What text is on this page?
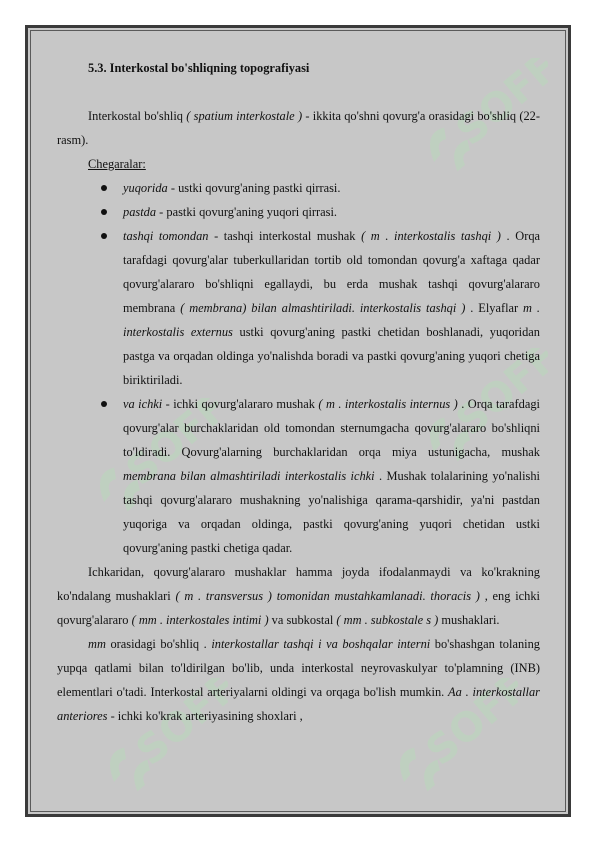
SOFF
SOFF
SOFF
SOFF	SOFF
5.3. Interkostal bo'shliqning topografiyasi

Interkostal bo'shliq ( spatium interkostale ) - ikkita qo'shni qovurg'a orasidagi bo'shliq (22-rasm).

Chegaralar:

yuqorida - ustki qovurg'aning pastki qirrasi.
pastda - pastki qovurg'aning yuqori qirrasi.
tashqi tomondan - tashqi interkostal mushak ( m . interkostalis tashqi ) . Orqa tarafdagi qovurg'alar tuberkullaridan tortib old tomondan qovurg'a xaftaga qadar qovurg'alararo bo'shliqni egallaydi, bu erda mushak tashqi qovurg'alararo membrana ( membrana) bilan almashtiriladi. interkostalis tashqi ) . Elyaflar m . interkostalis externus ustki qovurg'aning pastki chetidan boshlanadi, yuqoridan pastga va orqadan oldinga yo'nalishda boradi va pastki qovurg'aning yuqori chetiga biriktiriladi.
va ichki - ichki qovurg'alararo mushak ( m . interkostalis internus ) . Orqa tarafdagi qovurg'alar burchaklaridan old tomondan sternumgacha qovurg'alararo bo'shliqni to'ldiradi. Qovurg'alarning burchaklaridan orqa miya ustunigacha, mushak membrana bilan almashtiriladi interkostalis ichki . Mushak tolalarining yo'nalishi tashqi qovurg'alararo mushakning yo'nalishiga qarama-qarshidir, ya'ni pastdan yuqoriga va orqadan oldinga, pastki qovurg'aning yuqori chetidan ustki qovurg'aning pastki chetiga qadar.

Ichkaridan, qovurg'alararo mushaklar hamma joyda ifodalanmaydi va ko'krakning ko'ndalang mushaklari ( m . transversus ) tomonidan mustahkamlanadi. thoracis ) , eng ichki qovurg'alararo ( mm . interkostales intimi ) va subkostal ( mm . subkostale s ) mushaklari.

mm orasidagi bo'shliq . interkostallar tashqi i va boshqalar interni bo'shashgan tolaning yupqa qatlami bilan to'ldirilgan bo'lib, unda interkostal neyrovaskulyar to'plamning (INB) elementlari o'tadi. Interkostal arteriyalarni oldingi va orqaga bo'lish mumkin. Aa . interkostallar anteriores - ichki ko'krak arteriyasining shoxlari ,
